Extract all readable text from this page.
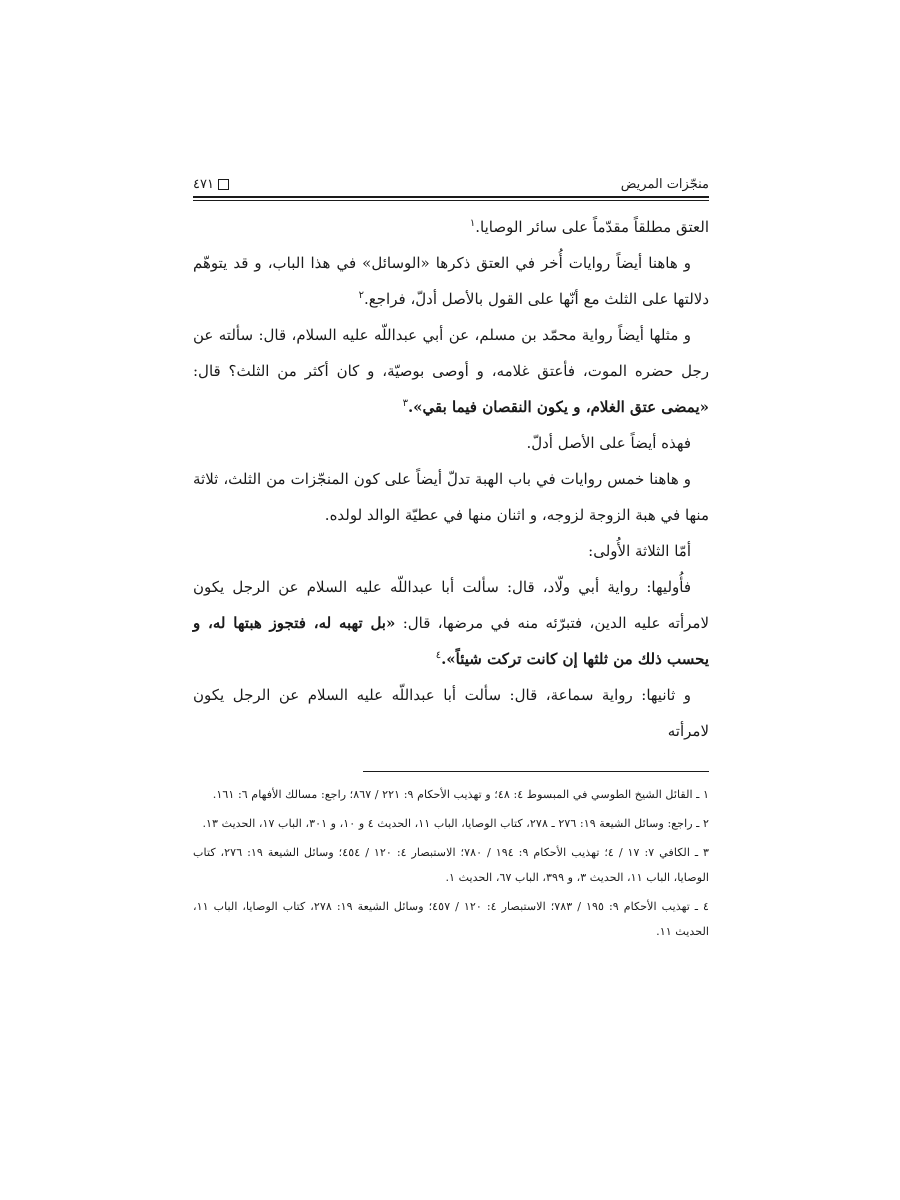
منجّزات المريض
٤٧١

العتق مطلقاً مقدّماً على سائر الوصايا.$^١$

و هاهنا أيضاً روايات أُخر في العتق ذكرها «الوسائل» في هذا الباب، و قد يتوهّم دلالتها على الثلث مع أنّها على القول بالأصل أدلّ، فراجع.$^٢$

و مثلها أيضاً رواية محمّد بن مسلم، عن أبي عبداللّه عليه السلام، قال: سألته عن رجل حضره الموت، فأعتق غلامه، و أوصى بوصيّة، و كان أكثر من الثلث؟ قال: «يمضى عتق الغلام، و يكون النقصان فيما بقي».$^٣$

فهذه أيضاً على الأصل أدلّ.

و هاهنا خمس روايات في باب الهبة تدلّ أيضاً على كون المنجّزات من الثلث، ثلاثة منها في هبة الزوجة لزوجه، و اثنان منها في عطيّة الوالد لولده.

أمّا الثلاثة الأُولى:

فأُوليها: رواية أبي ولّاد، قال: سألت أبا عبداللّه عليه السلام عن الرجل يكون لامرأته عليه الدين، فتبرّئه منه في مرضها، قال: «بل تهبه له، فتجوز هبتها له، و يحسب ذلك من ثلثها إن كانت تركت شيئاً».$^٤$

و ثانيها: رواية سماعة، قال: سألت أبا عبداللّه عليه السلام عن الرجل يكون لامرأته

١ ـ القائل الشيخ الطوسي في المبسوط ٤: ٤٨؛ و تهذيب الأحكام ٩: ٢٢١ / ٨٦٧؛ راجع: مسالك الأفهام ٦: ١٦١.

٢ ـ راجع: وسائل الشيعة ١٩: ٢٧٦ ـ ٢٧٨، كتاب الوصايا، الباب ١١، الحديث ٤ و ١٠، و ٣٠١، الباب ١٧، الحديث ١٣.

٣ ـ الكافي ٧: ١٧ / ٤؛ تهذيب الأحكام ٩: ١٩٤ / ٧٨٠؛ الاستبصار ٤: ١٢٠ / ٤٥٤؛ وسائل الشيعة ١٩: ٢٧٦، كتاب الوصايا، الباب ١١، الحديث ٣، و ٣٩٩، الباب ٦٧، الحديث ١.

٤ ـ تهذيب الأحكام ٩: ١٩٥ / ٧٨٣؛ الاستبصار ٤: ١٢٠ / ٤٥٧؛ وسائل الشيعة ١٩: ٢٧٨، كتاب الوصايا، الباب ١١، الحديث ١١.
